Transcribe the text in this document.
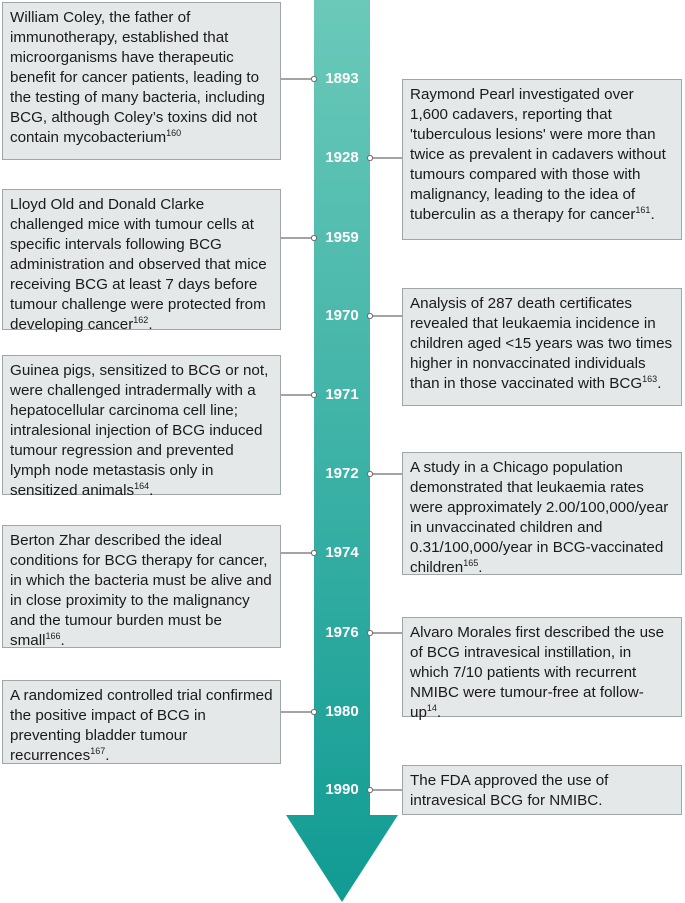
1893
1928
1959
1970
1971
1972
1974
1976
1980
1990
William Coley, the father of immunotherapy, established that microorganisms have therapeutic benefit for cancer patients, leading to the testing of many bacteria, including BCG, although Coley’s toxins did not contain mycobacterium$^{160}$
Raymond Pearl investigated over 1,600 cadavers, reporting that 'tuberculous lesions' were more than twice as prevalent in cadavers without tumours compared with those with malignancy, leading to the idea of tuberculin as a therapy for cancer$^{161}$.
Lloyd Old and Donald Clarke challenged mice with tumour cells at specific intervals following BCG administration and observed that mice receiving BCG at least 7 days before tumour challenge were protected from developing cancer$^{162}$.
Analysis of 287 death certificates revealed that leukaemia incidence in children aged <15 years was two times higher in nonvaccinated individuals than in those vaccinated with BCG$^{163}$.
Guinea pigs, sensitized to BCG or not, were challenged intradermally with a hepatocellular carcinoma cell line; intralesional injection of BCG induced tumour regression and prevented lymph node metastasis only in sensitized animals$^{164}$.
A study in a Chicago population demonstrated that leukaemia rates were approximately 2.00/100,000/year in unvaccinated children and 0.31/100,000/year in BCG-vaccinated children$^{165}$.
Berton Zhar described the ideal conditions for BCG therapy for cancer, in which the bacteria must be alive and in close proximity to the malignancy and the tumour burden must be small$^{166}$.	Alvaro Morales first described the use of BCG intravesical instillation, in which 7/10 patients with recurrent NMIBC were tumour-free at follow-$up^{14}$.
A randomized controlled trial confirmed the positive impact of BCG in preventing bladder tumour recurrences$^{167}$.
The FDA approved the use of intravesical BCG for NMIBC.
